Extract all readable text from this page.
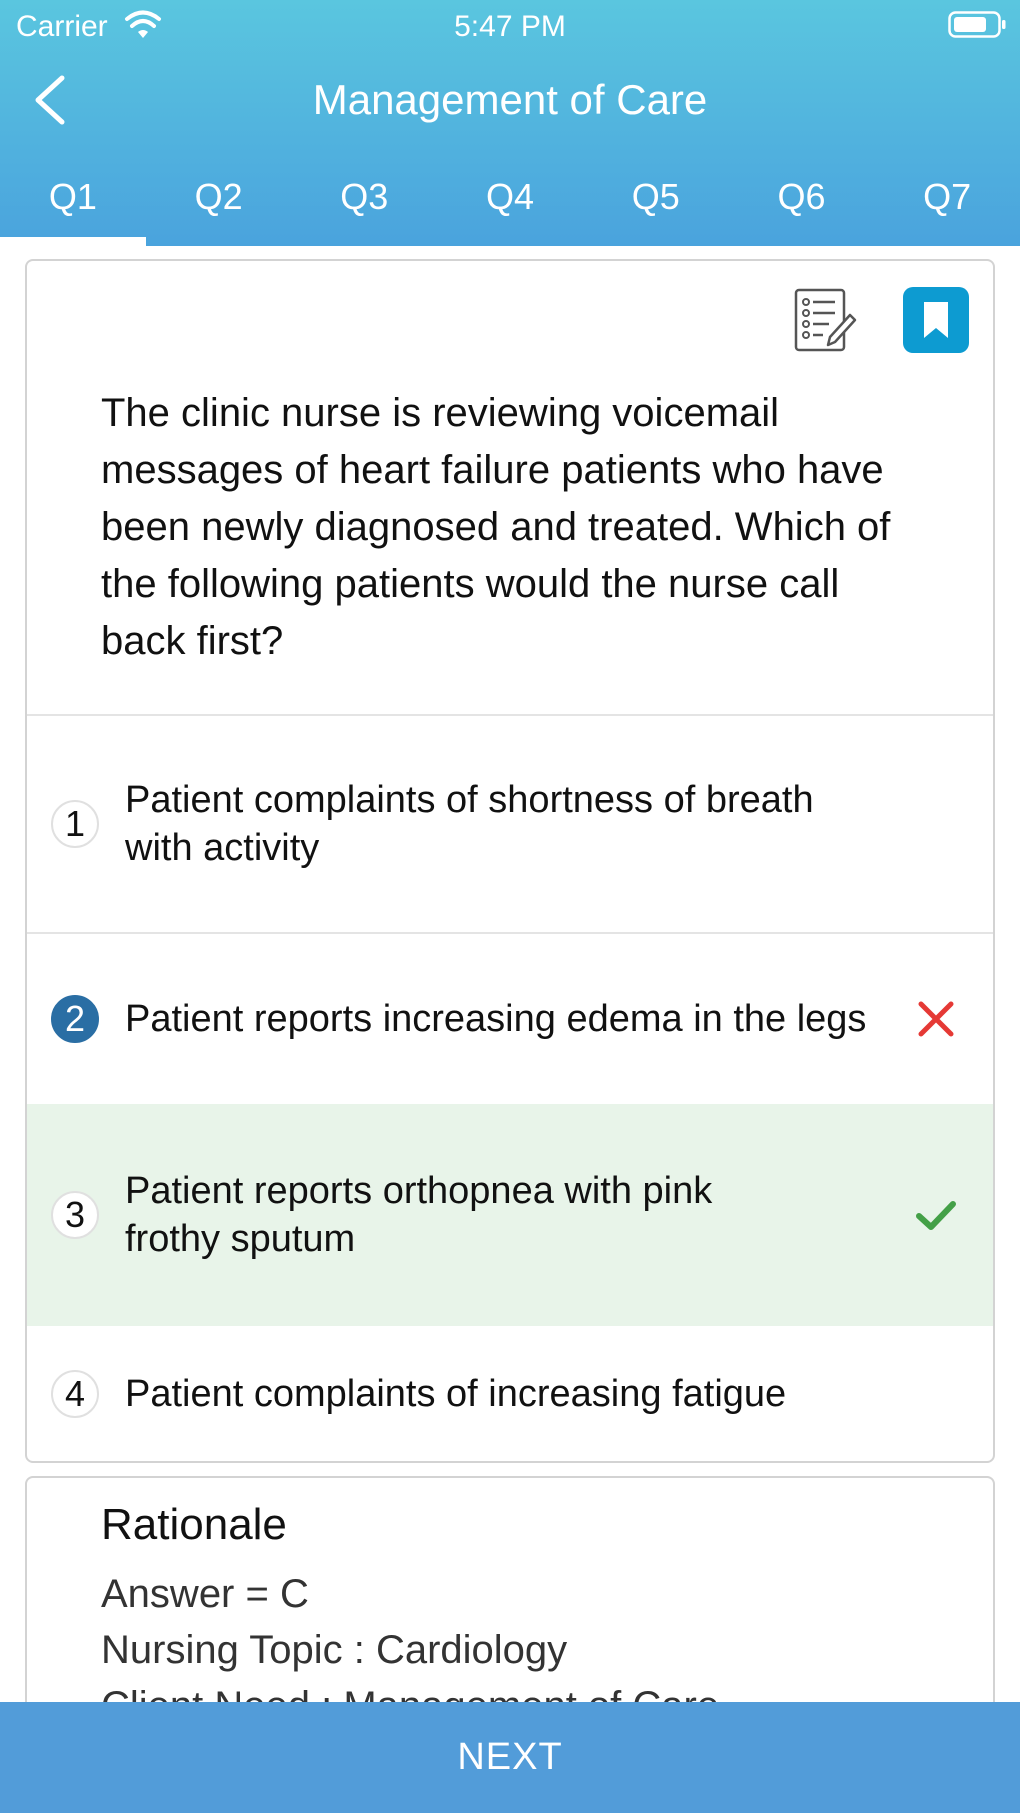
Carrier	5:47 PM
Management of Care
Q1	Q2	Q3	Q4	Q5	Q6	Q7
The clinic nurse is reviewing voicemail messages of heart failure patients who have been newly diagnosed and treated. Which of the following patients would the nurse call back first?
1
Patient complaints of shortness of breath with activity
2	Patient reports increasing edema in the legs
3
Patient reports orthopnea with pink frothy sputum
4	Patient complaints of increasing fatigue
Rationale
Answer = C
Nursing Topic : Cardiology
NEXT
